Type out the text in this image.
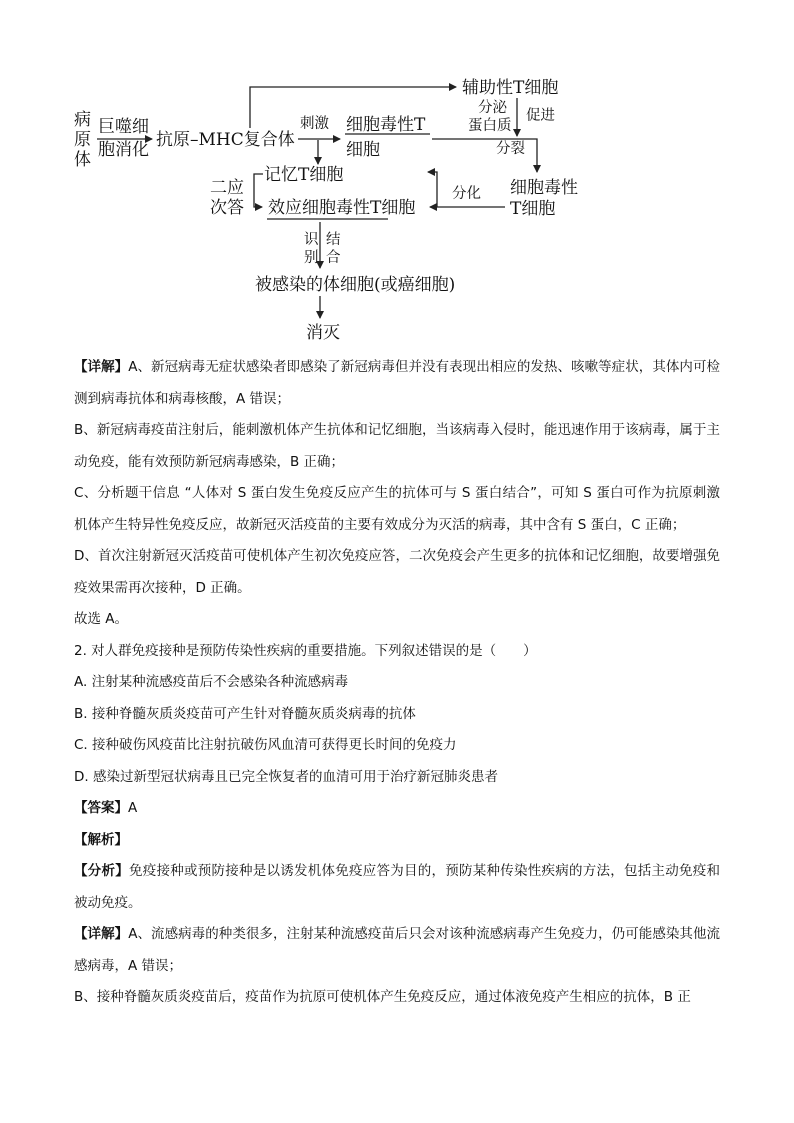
病
原
体
巨噬细
胞消化 抗原–MHC复合体
辅助性T细胞
刺激 细胞毒性T
细胞	分裂
分泌
蛋白质
促进
细胞毒性
T细胞
分化
记忆T细胞
二应
次答 效应细胞毒性T细胞
识
别
结
合
被感染的体细胞(或癌细胞)
消灭

【详解】A、新冠病毒无症状感染者即感染了新冠病毒但并没有表现出相应的发热、咳嗽等症状，其体内可检测到病毒抗体和病毒核酸，A 错误；

B、新冠病毒疫苗注射后，能刺激机体产生抗体和记忆细胞，当该病毒入侵时，能迅速作用于该病毒，属于主动免疫，能有效预防新冠病毒感染，B 正确；

C、分析题干信息 “人体对 S 蛋白发生免疫反应产生的抗体可与 S 蛋白结合”，可知 S 蛋白可作为抗原刺激机体产生特异性免疫反应，故新冠灭活疫苗的主要有效成分为灭活的病毒，其中含有 S 蛋白，C 正确；

D、首次注射新冠灭活疫苗可使机体产生初次免疫应答，二次免疫会产生更多的抗体和记忆细胞，故要增强免疫效果需再次接种，D 正确。

故选 A。

2. 对人群免疫接种是预防传染性疾病的重要措施。下列叙述错误的是（　　）

A. 注射某种流感疫苗后不会感染各种流感病毒

B. 接种脊髓灰质炎疫苗可产生针对脊髓灰质炎病毒的抗体

C. 接种破伤风疫苗比注射抗破伤风血清可获得更长时间的免疫力

D. 感染过新型冠状病毒且已完全恢复者的血清可用于治疗新冠肺炎患者

【答案】A

【解析】

【分析】免疫接种或预防接种是以诱发机体免疫应答为目的，预防某种传染性疾病的方法，包括主动免疫和被动免疫。

【详解】A、流感病毒的种类很多，注射某种流感疫苗后只会对该种流感病毒产生免疫力，仍可能感染其他流感病毒，A 错误；

B、接种脊髓灰质炎疫苗后，疫苗作为抗原可使机体产生免疫反应，通过体液免疫产生相应的抗体，B 正
